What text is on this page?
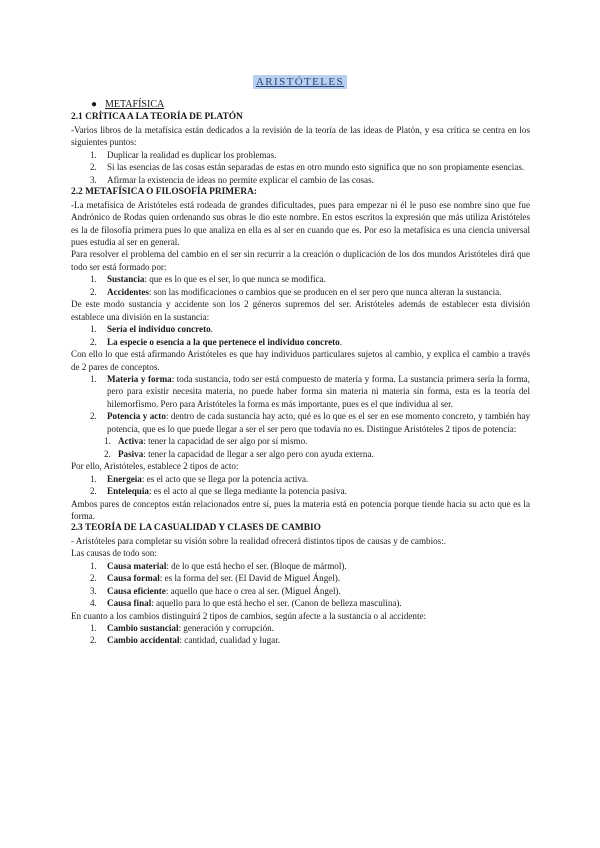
ARISTÓTELES
● METAFÍSICA
2.1 CRÍTICA A LA TEORÍA DE PLATÓN

-Varios libros de la metafísica están dedicados a la revisión de la teoría de las ideas de Platón, y esa crítica se centra en los siguientes puntos:

1.	Duplicar la realidad es duplicar los problemas.
2.	Si las esencias de las cosas están separadas de estas en otro mundo esto significa que no son propiamente esencias.
3.	Afirmar la existencia de ideas no permite explicar el cambio de las cosas.
2.2 METAFÍSICA O FILOSOFÍA PRIMERA:

-La metafísica de Aristóteles está rodeada de grandes dificultades, pues para empezar ni él le puso ese nombre sino que fue Andrónico de Rodas quien ordenando sus obras le dio este nombre. En estos escritos la expresión que más utiliza Aristóteles es la de filosofía primera pues lo que analiza en ella es al ser en cuando que es. Por eso la metafísica es una ciencia universal pues estudia al ser en general.

Para resolver el problema del cambio en el ser sin recurrir a la creación o duplicación de los dos mundos Aristóteles dirá que todo ser está formado por:

1.	Sustancia: que es lo que es el ser, lo que nunca se modifica.
2.	Accidentes: son las modificaciones o cambios que se producen en el ser pero que nunca alteran la sustancia.

De este modo sustancia y accidente son los 2 géneros supremos del ser. Aristóteles además de establecer esta división establece una división en la sustancia:

1.	Sería el individuo concreto.
2.	La especie o esencia a la que pertenece el individuo concreto.

Con ello lo que está afirmando Aristóteles es que hay individuos particulares sujetos al cambio, y explica el cambio a través de 2 pares de conceptos.

1.	Materia y forma: toda sustancia, todo ser está compuesto de materia y forma. La sustancia primera sería la forma, pero para existir necesita materia, no puede haber forma sin materia ni materia sin forma, esta es la teoría del hilemorfismo. Pero para Aristóteles la forma es más importante, pues es el que individua al ser.
2.	Potencia y acto: dentro de cada sustancia hay acto, qué es lo que es el ser en ese momento concreto, y también hay potencia, que es lo que puede llegar a ser el ser pero que todavía no es. Distingue Aristóteles 2 tipos de potencia:
1. Activa: tener la capacidad de ser algo por sí mismo.
2. Pasiva: tener la capacidad de llegar a ser algo pero con ayuda externa.

Por ello, Aristóteles, establece 2 tipos de acto:

1.	Energeia: es el acto que se llega por la potencia activa.
2.	Entelequia: es el acto al que se llega mediante la potencia pasiva.

Ambos pares de conceptos están relacionados entre sí, pues la materia está en potencia porque tiende hacia su acto que es la forma.

2.3 TEORÍA DE LA CASUALIDAD Y CLASES DE CAMBIO

- Aristóteles para completar su visión sobre la realidad ofrecerá distintos tipos de causas y de cambios:.

Las causas de todo son:

1.	Causa material: de lo que está hecho el ser. (Bloque de mármol).
2.	Causa formal: es la forma del ser. (El David de Miguel Ángel).
3.	Causa eficiente: aquello que hace o crea al ser. (Miguel Ángel).
4.	Causa final: aquello para lo que está hecho el ser. (Canon de belleza masculina).

En cuanto a los cambios distinguirá 2 tipos de cambios, según afecte a la sustancia o al accidente:

1.	Cambio sustancial: generación y corrupción.
2.	Cambio accidental: cantidad, cualidad y lugar.
